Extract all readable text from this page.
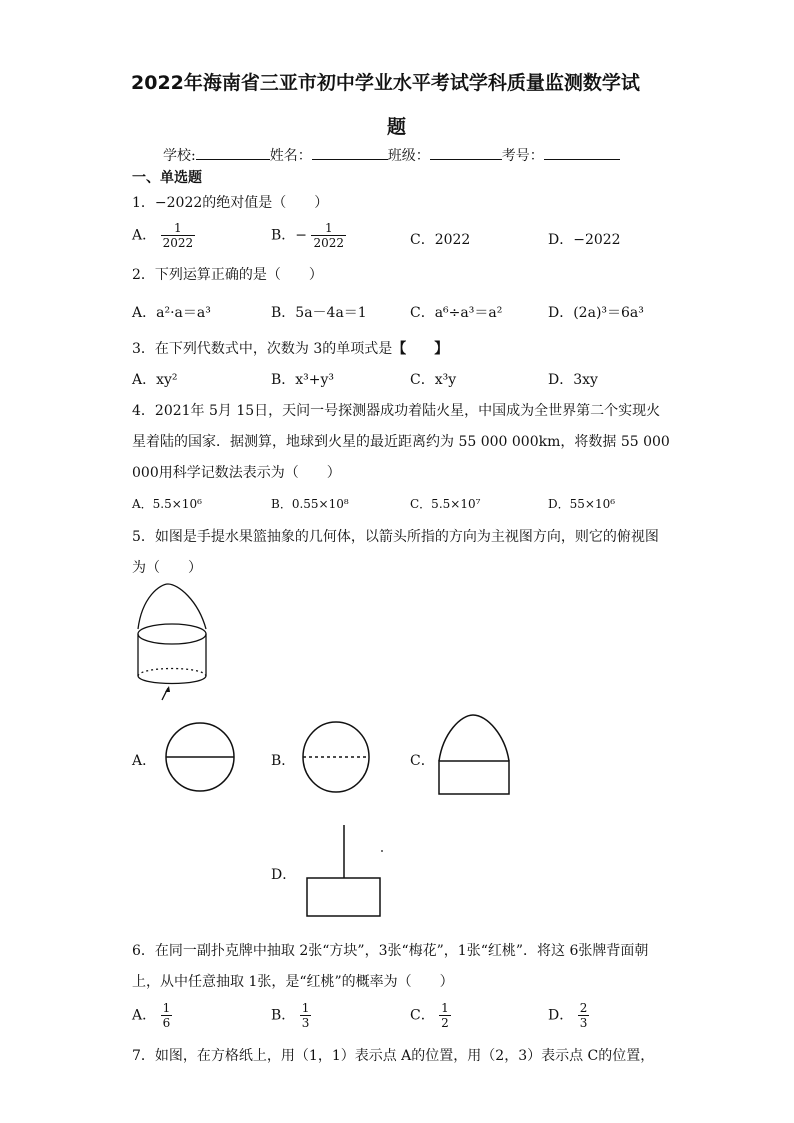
2022年海南省三亚市初中学业水平考试学科质量监测数学试
题
学校:	姓名：	班级：	考号：
一、单选题
1．−2022的绝对值是（　　）
A． $\frac{1}{2022}$	B．− $\frac{1}{2022}$	C．2022	D．−2022
2．下列运算正确的是（　　）
A．a²·a＝a³	B．5a－4a＝1	C．a⁶÷a³＝a²	D．(2a)³＝6a³
3．在下列代数式中，次数为 3的单项式是【　　】
A．xy²	B．x³+y³	C．x³y	D．3xy
4．2021年 5月 15日，天问一号探测器成功着陆火星，中国成为全世界第二个实现火
星着陆的国家．据测算，地球到火星的最近距离约为 55 000 000km，将数据 55 000
000用科学记数法表示为（　　）
A．5.5×10⁶	B．0.55×10⁸	C．5.5×10⁷	D．55×10⁶
5．如图是手提水果篮抽象的几何体，以箭头所指的方向为主视图方向，则它的俯视图
为（　　）
A．	B．	C．
D．
6．在同一副扑克牌中抽取 2张“方块”，3张“梅花”，1张“红桃”．将这 6张牌背面朝
上，从中任意抽取 1张，是“红桃”的概率为（　　）
A． $\frac{1}{6}$	B． $\frac{1}{3}$	C． $\frac{1}{2}$	D． $\frac{2}{3}$
7．如图，在方格纸上，用（1，1）表示点 A的位置，用（2，3）表示点 C的位置，
